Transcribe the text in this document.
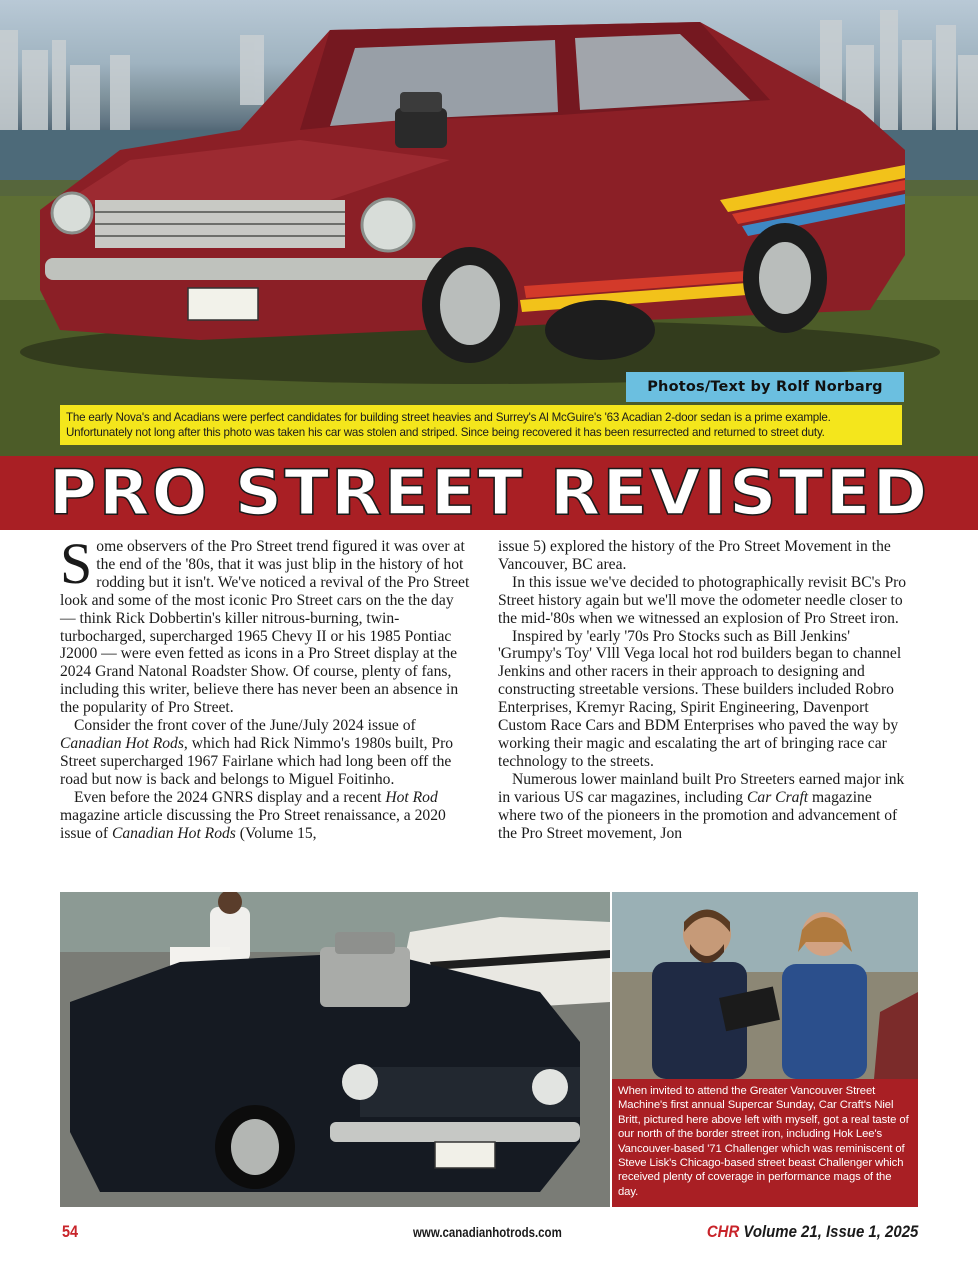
Photos/Text by Rolf Norbarg
The early Nova's and Acadians were perfect candidates for building street heavies and Surrey's Al McGuire's '63 Acadian 2-door sedan is a prime example. Unfortunately not long after this photo was taken his car was stolen and striped. Since being recovered it has been resurrected and returned to street duty.
PRO STREET REVISTED

Some observers of the Pro Street trend figured it was over at the end of the '80s, that it was just blip in the history of hot rodding but it isn't. We've noticed a revival of the Pro Street look and some of the most iconic Pro Street cars on the the day — think Rick Dobbertin's killer nitrous-burning, twin-turbocharged, supercharged 1965 Chevy II or his 1985 Pontiac J2000 — were even fetted as icons in a Pro Street display at the 2024 Grand Natonal Roadster Show. Of course, plenty of fans, including this writer, believe there has never been an absence in the popularity of Pro Street.

Consider the front cover of the June/July 2024 issue of Canadian Hot Rods, which had Rick Nimmo's 1980s built, Pro Street supercharged 1967 Fairlane which had long been off the road but now is back and belongs to Miguel Foitinho.

Even before the 2024 GNRS display and a recent Hot Rod magazine article discussing the Pro Street renaissance, a 2020 issue of Canadian Hot Rods (Volume 15,

issue 5) explored the history of the Pro Street Movement in the Vancouver, BC area.

In this issue we've decided to photographically revisit BC's Pro Street history again but we'll move the odometer needle closer to the mid-'80s when we witnessed an explosion of Pro Street iron.

Inspired by 'early '70s Pro Stocks such as Bill Jenkins' 'Grumpy's Toy' Vlll Vega local hot rod builders began to channel Jenkins and other racers in their approach to designing and constructing streetable versions. These builders included Robro Enterprises, Kremyr Racing, Spirit Engineering, Davenport Custom Race Cars and BDM Enterprises who paved the way by working their magic and escalating the art of bringing race car technology to the streets.

Numerous lower mainland built Pro Streeters earned major ink in various US car magazines, including Car Craft magazine where two of the pioneers in the promotion and advancement of the Pro Street movement, Jon

When invited to attend the Greater Vancouver Street Machine's first annual Supercar Sunday, Car Craft's Niel Britt, pictured here above left with myself, got a real taste of our north of the border street iron, including Hok Lee's Vancouver-based '71 Challenger which was reminiscent of Steve Lisk's Chicago-based street beast Challenger which received plenty of coverage in performance mags of the day.
54	www.canadianhotrods.com	CHR Volume 21, Issue 1, 2025
